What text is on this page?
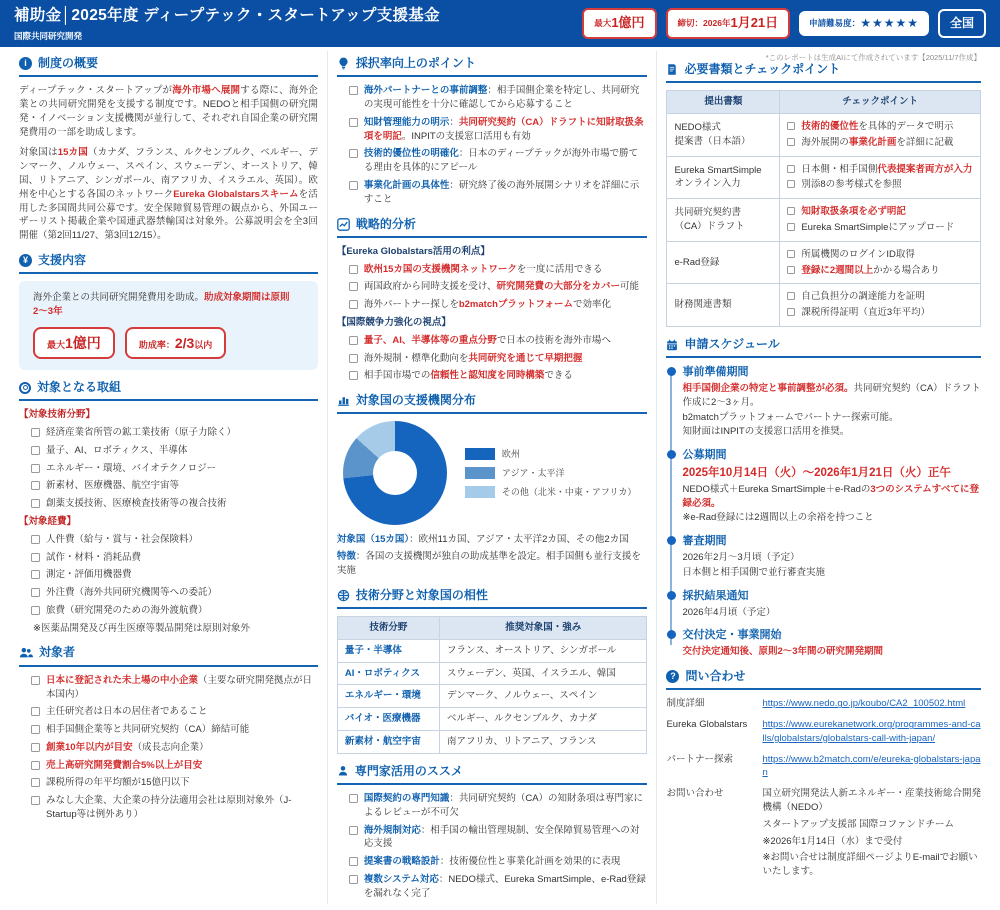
補助金│2025年度 ディープテック・スタートアップ支援基金
国際共同研究開発
最大 1億円	締切：2026年 1月21日	申請難易度： ★★★★★	全国
i 制度の概要

ディープテック・スタートアップが海外市場へ展開する際に、海外企業との共同研究開発を支援する制度です。NEDOと相手国側の研究開発・イノベーション支援機関が並行して、それぞれ自国企業の研究開発費用の一部を助成します。

対象国は15カ国（カナダ、フランス、ルクセンブルク、ベルギー、デンマーク、ノルウェー、スペイン、スウェーデン、オーストリア、韓国、リトアニア、シンガポール、南アフリカ、イスラエル、英国）。欧州を中心とする各国のネットワークEureka Globalstarsスキームを活用した多国間共同公募です。安全保障貿易管理の観点から、外国ユーザーリスト掲載企業や国連武器禁輸国は対象外。公募説明会を全3回開催（第2回11/27、第3回12/15）。

¥ 支援内容
海外企業との共同研究開発費用を助成。助成対象期間は原則2〜3年
最大 1億円	助成率： 2/3 以内
対象となる取組
【対象技術分野】
経済産業省所管の鉱工業技術（原子力除く）
量子、AI、ロボティクス、半導体
エネルギー・環境、バイオテクノロジー
新素材、医療機器、航空宇宙等
創薬支援技術、医療検査技術等の複合技術
【対象経費】
人件費（給与・賞与・社会保険料）
試作・材料・消耗品費
測定・評価用機器費
外注費（海外共同研究機関等への委託）
旅費（研究開発のための海外渡航費）
※医薬品開発及び再生医療等製品開発は原則対象外
対象者
日本に登記された未上場の中小企業（主要な研究開発拠点が日本国内）
主任研究者は日本の居住者であること
相手国側企業等と共同研究契約（CA）締結可能
創業10年以内が目安（成長志向企業）
売上高研究開発費割合5%以上が目安
課税所得の年平均額が15億円以下
みなし大企業、大企業の持分法適用会社は原則対象外（J-Startup等は例外あり）
採択率向上のポイント
海外パートナーとの事前調整：相手国側企業を特定し、共同研究の実現可能性を十分に確認してから応募すること
知財管理能力の明示：共同研究契約（CA）ドラフトに知財取扱条項を明記。INPITの支援窓口活用も有効
技術的優位性の明確化：日本のディープテックが海外市場で勝てる理由を具体的にアピール
事業化計画の具体性：研究終了後の海外展開シナリオを詳細に示すこと
戦略的分析
【Eureka Globalstars活用の利点】
欧州15カ国の支援機関ネットワークを一度に活用できる
両国政府から同時支援を受け、研究開発費の大部分をカバー可能
海外パートナー探しをb2matchプラットフォームで効率化
【国際競争力強化の視点】
量子、AI、半導体等の重点分野で日本の技術を海外市場へ
海外規制・標準化動向を共同研究を通じて早期把握
相手国市場での信頼性と認知度を同時構築できる
対象国の支援機関分布
欧州
アジア・太平洋
その他（北米・中東・アフリカ）
対象国（15カ国）：欧州11カ国、アジア・太平洋2カ国、その他2カ国
特徴：各国の支援機関が独自の助成基準を設定。相手国側も並行支援を実施
技術分野と対象国の相性
技術分野	推奨対象国・強み
量子・半導体	フランス、オーストリア、シンガポール
AI・ロボティクス	スウェーデン、英国、イスラエル、韓国
エネルギー・環境	デンマーク、ノルウェー、スペイン
バイオ・医療機器	ベルギー、ルクセンブルク、カナダ
新素材・航空宇宙	南アフリカ、リトアニア、フランス
専門家活用のススメ
国際契約の専門知識：共同研究契約（CA）の知財条項は専門家によるレビューが不可欠
海外規制対応：相手国の輸出管理規制、安全保障貿易管理への対応支援
提案書の戦略設計：技術優位性と事業化計画を効果的に表現
複数システム対応：NEDO様式、Eureka SmartSimple、e-Rad登録を漏れなく完了
*このレポートは生成AIにて作成されています【2025/11/7作成】
必要書類とチェックポイント
提出書類	チェックポイント

NEDO様式
提案書（日本語）

技術的優位性を具体的データで明示
海外展開の事業化計画を詳細に記載

Eureka SmartSimple
オンライン入力

日本側・相手国側代表提案者両方が入力
別添8の参考様式を参照

共同研究契約書
（CA）ドラフト

知財取扱条項を必ず明記
Eureka SmartSimpleにアップロード

e-Rad登録	所属機関のログインID取得
登録に2週間以上かかる場合あり

財務関連書類	自己負担分の調達能力を証明
課税所得証明（直近3年平均）
申請スケジュール
事前準備期間
相手国側企業の特定と事前調整が必須。共同研究契約（CA）ドラフト作成に2〜3ヶ月。
b2matchプラットフォームでパートナー探索可能。
知財面はINPITの支援窓口活用を推奨。
公募期間
2025年10月14日（火）〜2026年1月21日（火）正午
NEDO様式＋Eureka SmartSimple＋e-Radの3つのシステムすべてに登録必須。
※e-Rad登録には2週間以上の余裕を持つこと
審査期間
2026年2月〜3月頃（予定）
日本側と相手国側で並行審査実施
採択結果通知
2026年4月頃（予定）
交付決定・事業開始
交付決定通知後、原則2〜3年間の研究開発期間
? 問い合わせ
制度詳細	https://www.nedo.go.jp/koubo/CA2_100502.html
Eureka Globalstars	https://www.eurekanetwork.org/programmes-and-calls/globalstars/globalstars-call-with-japan/
パートナー探索	https://www.b2match.com/e/eureka-globalstars-japan
お問い合わせ	国立研究開発法人新エネルギー・産業技術総合開発機構（NEDO）
スタートアップ支援部 国際コファンドチーム
※2026年1月14日（水）まで受付
※お問い合せは制度詳細ページよりE-mailでお願いいたします。
